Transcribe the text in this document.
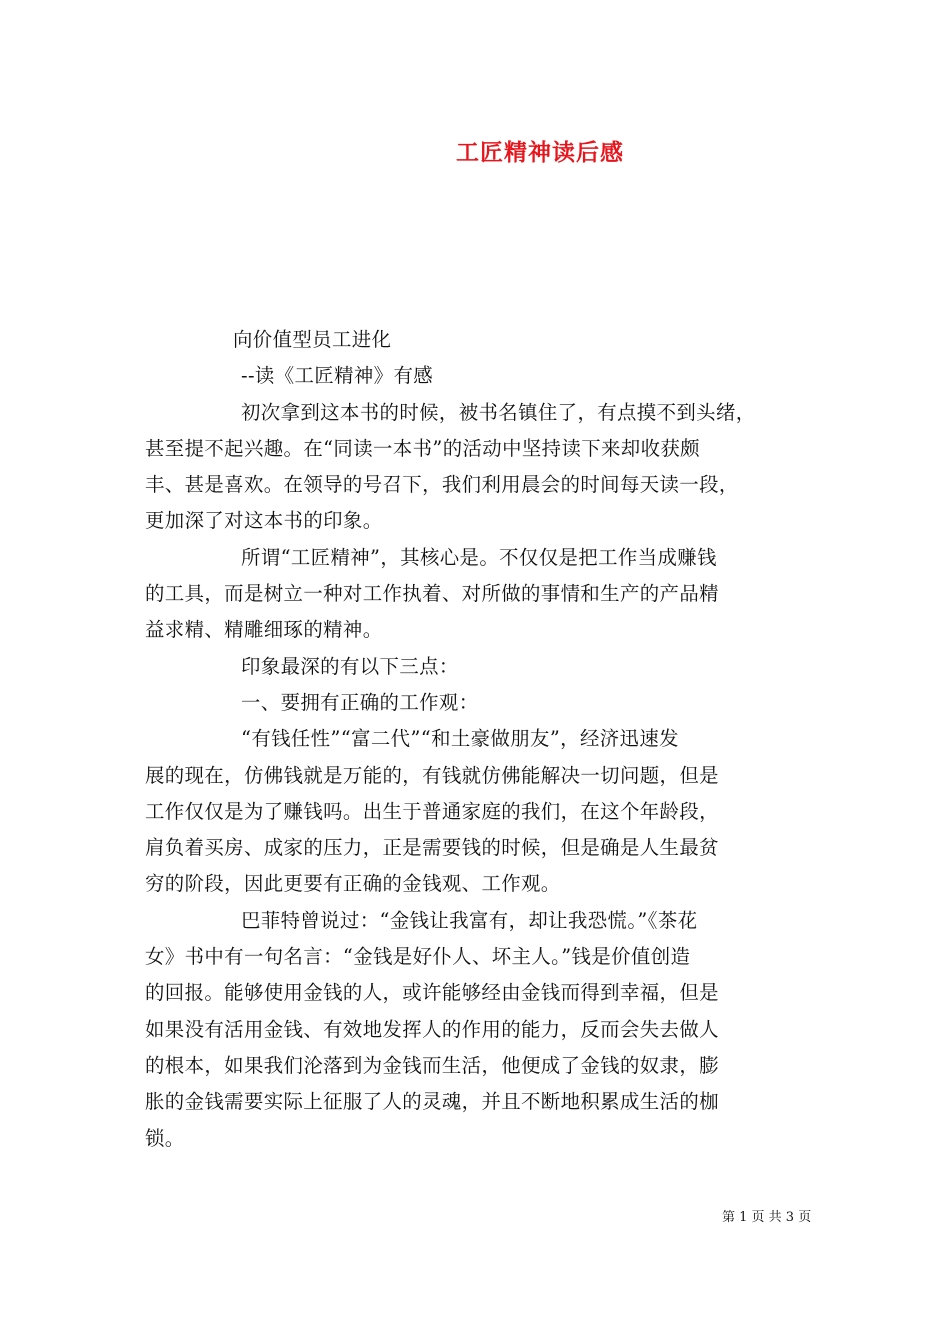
工匠精神读后感
向价值型员工进化
--读《工匠精神》有感
初次拿到这本书的时候，被书名镇住了，有点摸不到头绪，
甚至提不起兴趣。在“同读一本书”的活动中坚持读下来却收获颇
丰、甚是喜欢。在领导的号召下，我们利用晨会的时间每天读一段，
更加深了对这本书的印象。
所谓“工匠精神”，其核心是。不仅仅是把工作当成赚钱
的工具，而是树立一种对工作执着、对所做的事情和生产的产品精
益求精、精雕细琢的精神。
印象最深的有以下三点：
一、要拥有正确的工作观：
“有钱任性”“富二代”“和土豪做朋友”，经济迅速发
展的现在，仿佛钱就是万能的，有钱就仿佛能解决一切问题，但是
工作仅仅是为了赚钱吗。出生于普通家庭的我们，在这个年龄段，
肩负着买房、成家的压力，正是需要钱的时候，但是确是人生最贫
穷的阶段，因此更要有正确的金钱观、工作观。
巴菲特曾说过：“金钱让我富有，却让我恐慌。”《茶花
女》书中有一句名言：“金钱是好仆人、坏主人。”钱是价值创造
的回报。能够使用金钱的人，或许能够经由金钱而得到幸福，但是
如果没有活用金钱、有效地发挥人的作用的能力，反而会失去做人
的根本，如果我们沦落到为金钱而生活，他便成了金钱的奴隶，膨
胀的金钱需要实际上征服了人的灵魂，并且不断地积累成生活的枷
锁。
第 1 页 共 3 页
